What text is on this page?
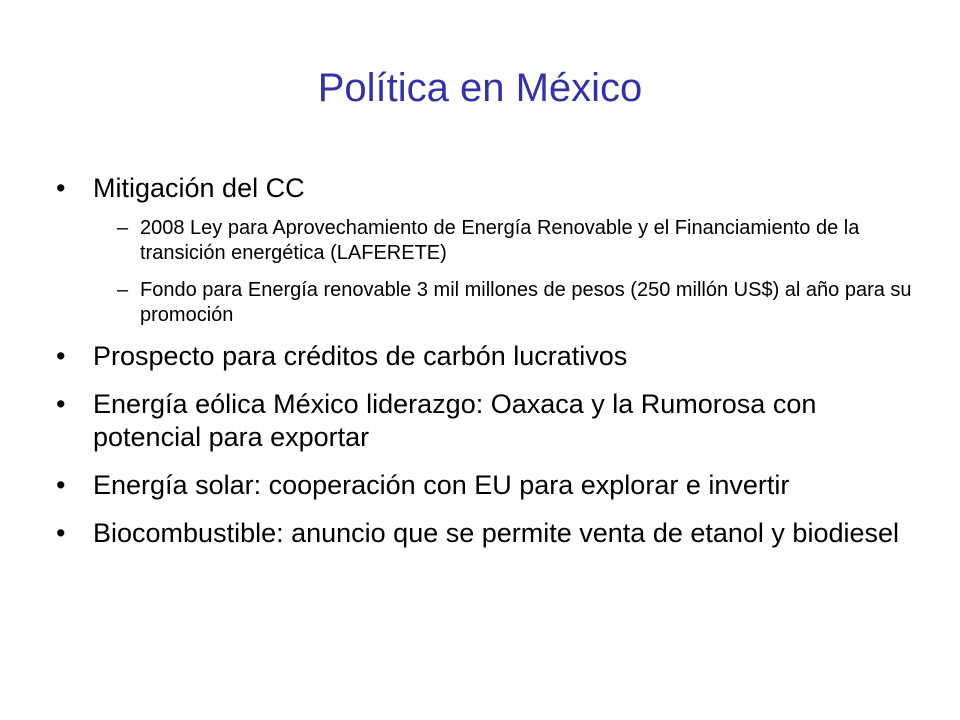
Política en México
•	Mitigación del CC
– 2008 Ley para Aprovechamiento de Energía Renovable y el Financiamiento de la transición energética (LAFERETE)
– Fondo para Energía renovable 3 mil millones de pesos (250 millón US$) al año para su promoción
•	Prospecto para créditos de carbón lucrativos
•	Energía eólica México liderazgo: Oaxaca y la Rumorosa con potencial para exportar
•	Energía solar: cooperación con EU para explorar e invertir
•	Biocombustible: anuncio que se permite venta de etanol y biodiesel
